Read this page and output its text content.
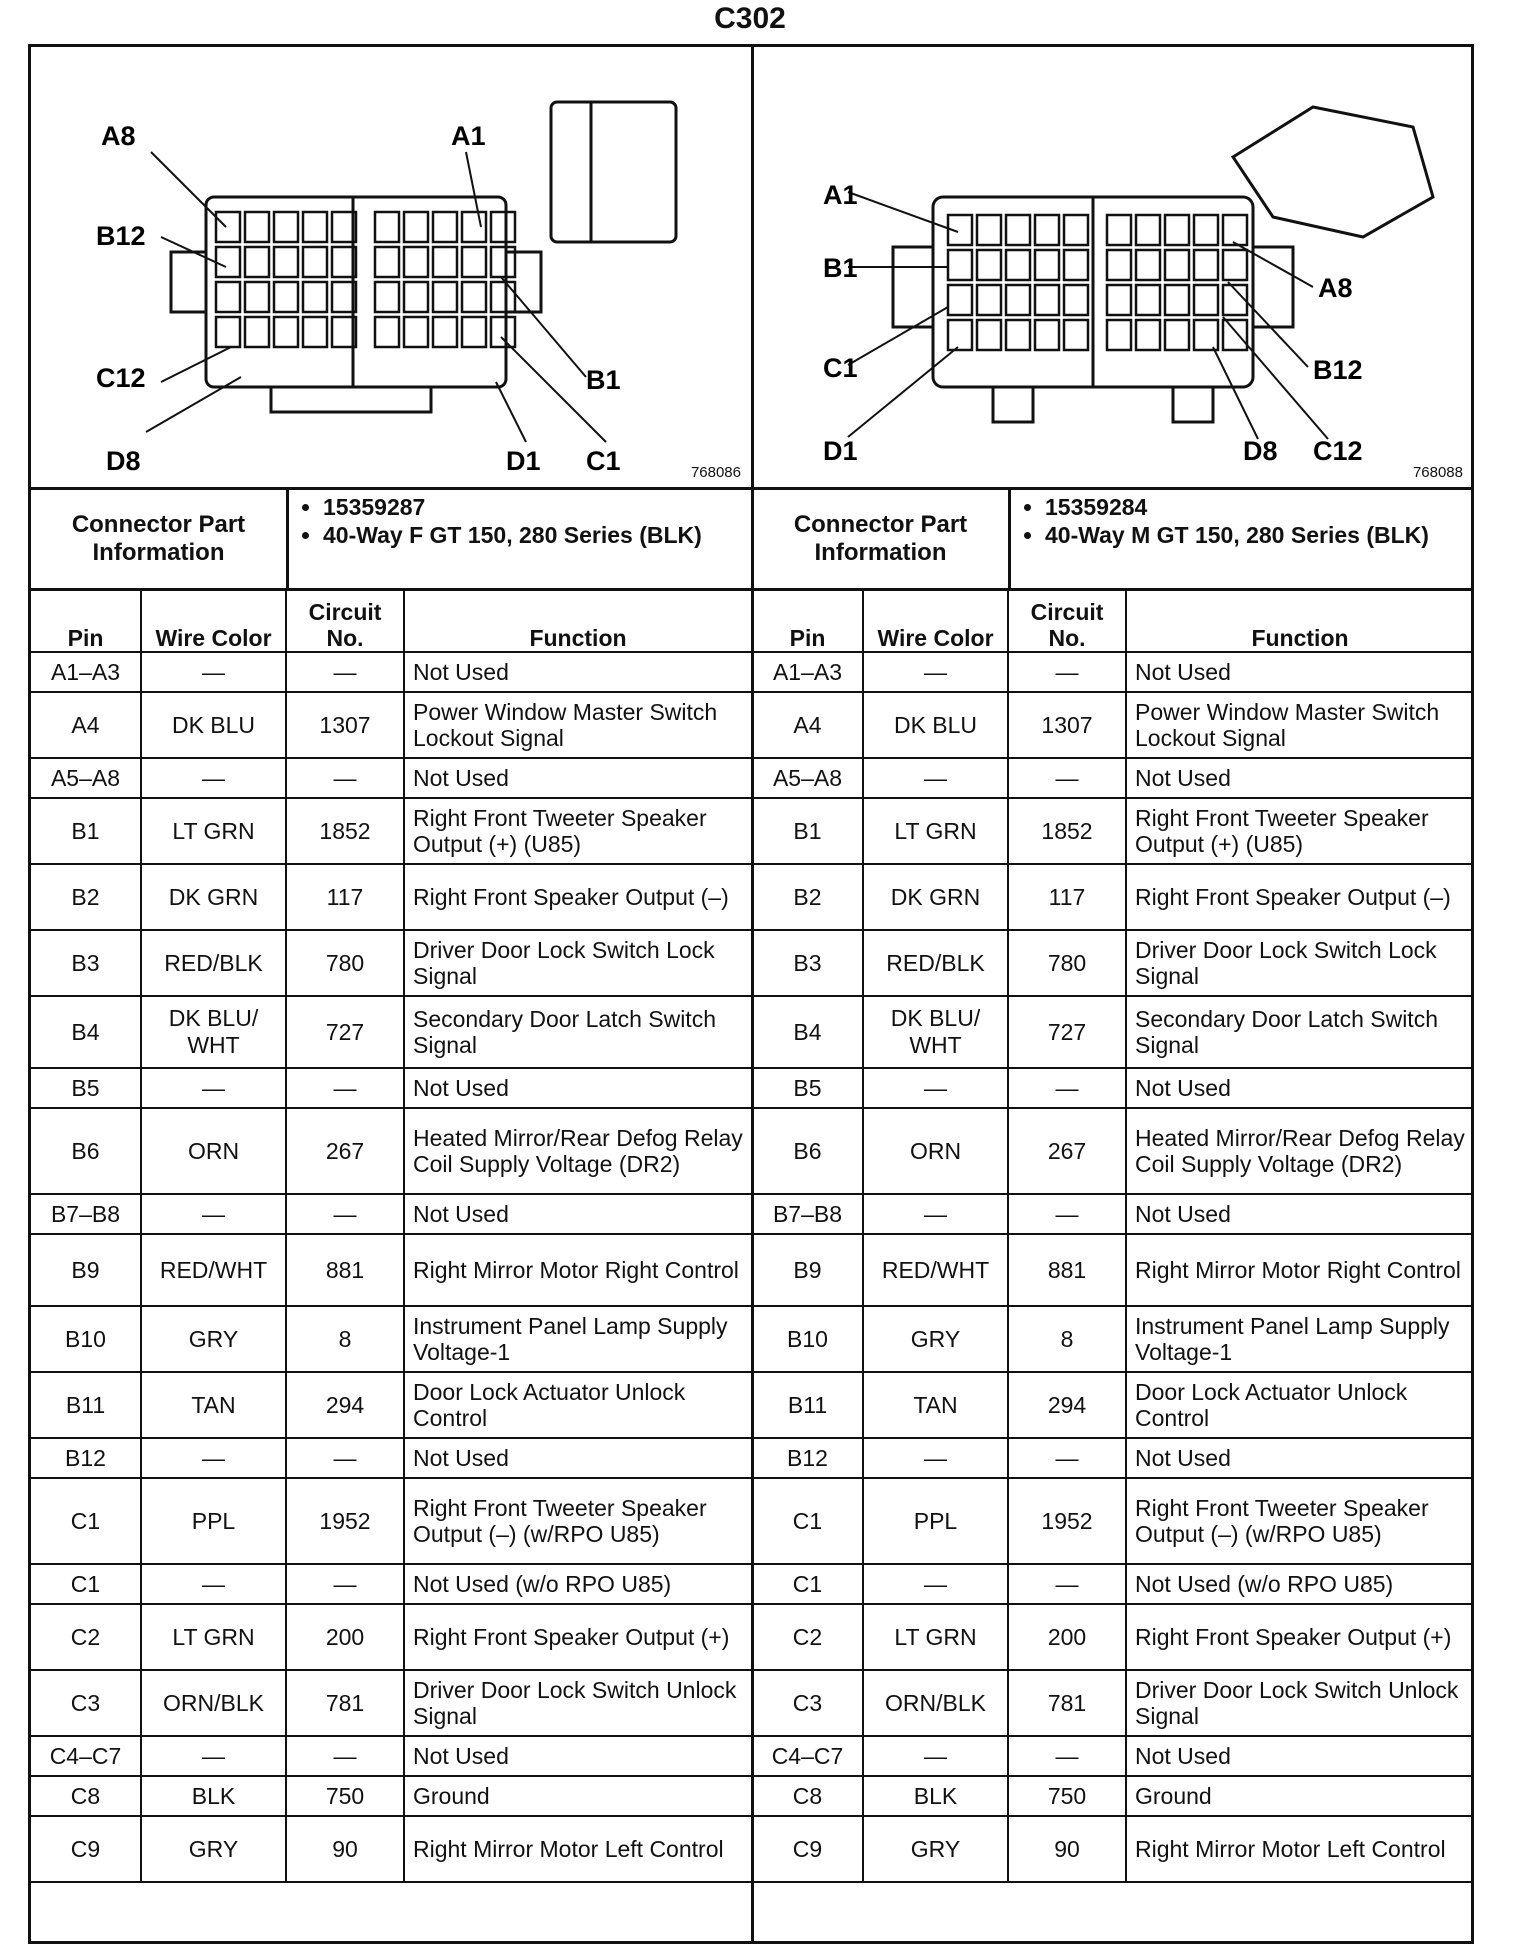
C302
A8	A1
B12
C12	B1
D8	D1 C1	768086
Connector Part Information
• 15359287
• 40-Way F GT 150, 280 Series (BLK)
Pin	Wire Color	Circuit No.	Function
A1–A3	—	—	Not Used
A4	DK BLU	1307	Power Window Master Switch Lockout Signal
A5–A8	—	—	Not Used
B1	LT GRN	1852	Right Front Tweeter Speaker Output (+) (U85)
B2	DK GRN	117	Right Front Speaker Output (–)
B3	RED/BLK	780	Driver Door Lock Switch Lock Signal
B4	DK BLU/ WHT	727	Secondary Door Latch Switch Signal
B5	—	—	Not Used
B6	ORN	267	Heated Mirror/Rear Defog Relay Coil Supply Voltage (DR2)
B7–B8	—	—	Not Used
B9	RED/WHT	881	Right Mirror Motor Right Control
B10	GRY	8	Instrument Panel Lamp Supply Voltage-1
B11	TAN	294	Door Lock Actuator Unlock Control
B12	—	—	Not Used
C1	PPL	1952	Right Front Tweeter Speaker Output (–) (w/RPO U85)
C1	—	—	Not Used (w/o RPO U85)
C2	LT GRN	200	Right Front Speaker Output (+)
C3	ORN/BLK	781	Driver Door Lock Switch Unlock Signal
C4–C7	—	—	Not Used
C8	BLK	750	Ground
C9	GRY	90	Right Mirror Motor Left Control
A1
A8
B1
B12
C1
D1	D8 C12
768088
Connector Part Information
• 15359284
• 40-Way M GT 150, 280 Series (BLK)
Pin	Wire Color	Circuit No.	Function
A1–A3	—	—	Not Used
A4	DK BLU	1307	Power Window Master Switch Lockout Signal
A5–A8	—	—	Not Used
B1	LT GRN	1852	Right Front Tweeter Speaker Output (+) (U85)
B2	DK GRN	117	Right Front Speaker Output (–)
B3	RED/BLK	780	Driver Door Lock Switch Lock Signal
B4	DK BLU/ WHT	727	Secondary Door Latch Switch Signal
B5	—	—	Not Used
B6	ORN	267	Heated Mirror/Rear Defog Relay Coil Supply Voltage (DR2)
B7–B8	—	—	Not Used
B9	RED/WHT	881	Right Mirror Motor Right Control
B10	GRY	8	Instrument Panel Lamp Supply Voltage-1
B11	TAN	294	Door Lock Actuator Unlock Control
B12	—	—	Not Used
C1	PPL	1952	Right Front Tweeter Speaker Output (–) (w/RPO U85)
C1	—	—	Not Used (w/o RPO U85)
C2	LT GRN	200	Right Front Speaker Output (+)
C3	ORN/BLK	781	Driver Door Lock Switch Unlock Signal
C4–C7	—	—	Not Used
C8	BLK	750	Ground
C9	GRY	90	Right Mirror Motor Left Control
